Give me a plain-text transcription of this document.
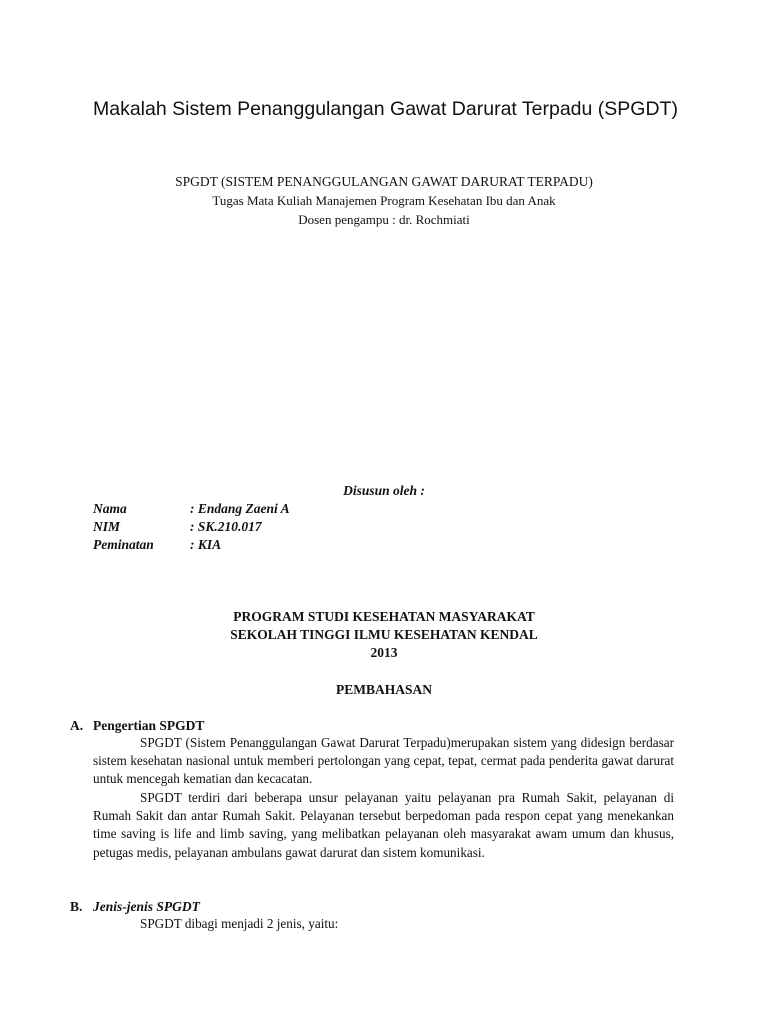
Makalah Sistem Penanggulangan Gawat Darurat Terpadu (SPGDT)

SPGDT (SISTEM PENANGGULANGAN GAWAT DARURAT TERPADU)

Tugas Mata Kuliah Manajemen Program Kesehatan Ibu dan Anak

Dosen pengampu : dr. Rochmiati

Disusun oleh :

Nama	: Endang Zaeni A
NIM	: SK.210.017
Peminatan	: KIA

PROGRAM STUDI KESEHATAN MASYARAKAT

SEKOLAH TINGGI ILMU KESEHATAN KENDAL

2013

PEMBAHASAN

A. Pengertian SPGDT

SPGDT (Sistem Penanggulangan Gawat Darurat Terpadu)merupakan sistem yang didesign berdasar sistem kesehatan nasional untuk memberi pertolongan yang cepat, tepat, cermat pada penderita gawat darurat untuk mencegah kematian dan kecacatan.

SPGDT terdiri dari beberapa unsur pelayanan yaitu pelayanan pra Rumah Sakit, pelayanan di Rumah Sakit dan antar Rumah Sakit. Pelayanan tersebut berpedoman pada respon cepat yang menekankan time saving is life and limb saving, yang melibatkan pelayanan oleh masyarakat awam umum dan khusus, petugas medis, pelayanan ambulans gawat darurat dan sistem komunikasi.

B. Jenis-jenis SPGDT

SPGDT dibagi menjadi 2 jenis, yaitu:
